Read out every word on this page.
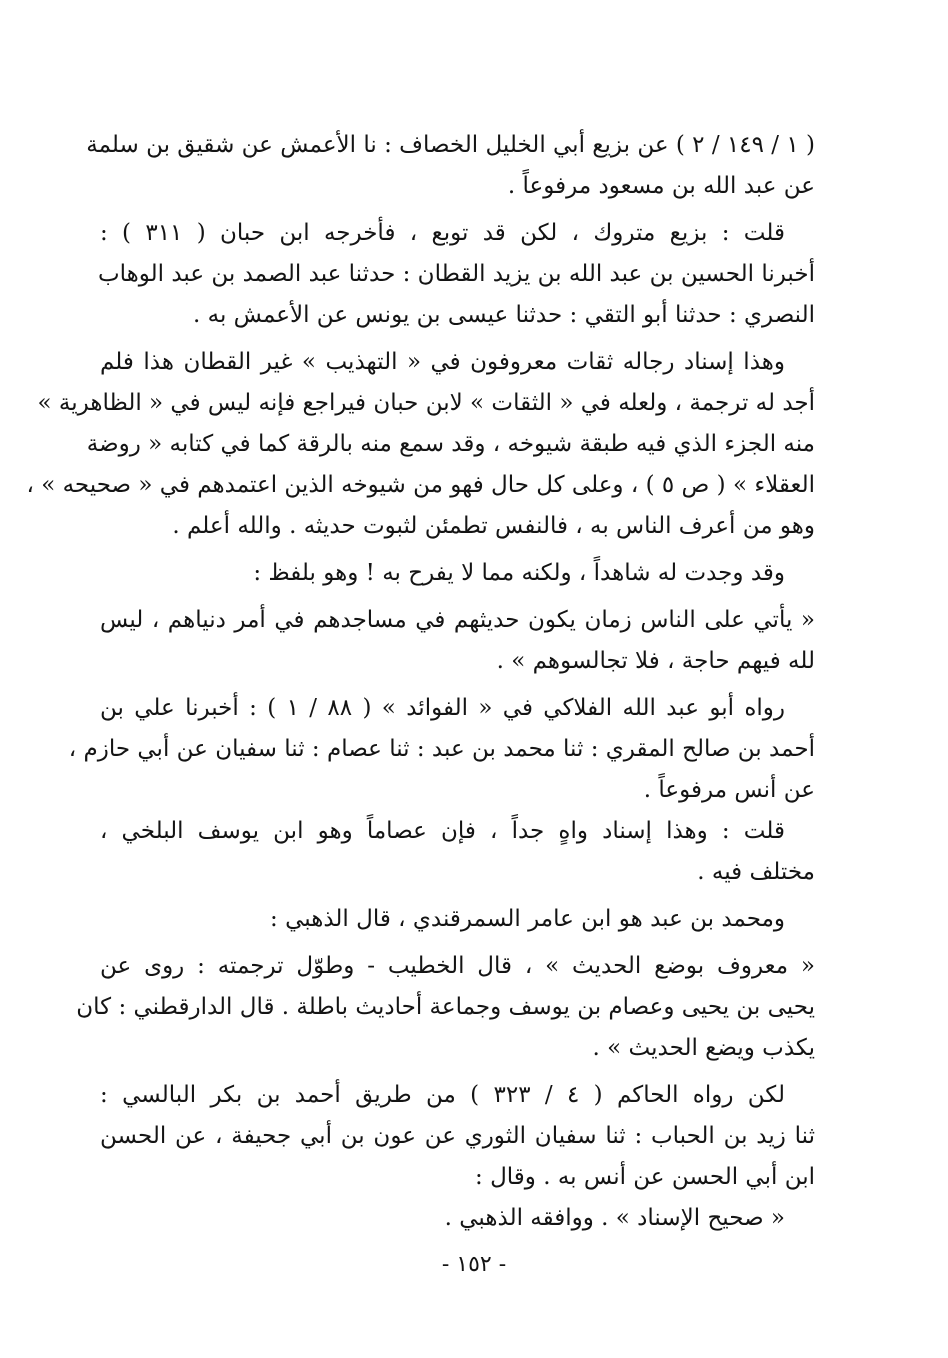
( ١ / ١٤٩ / ٢ ) عن بزيع أبي الخليل الخصاف : نا الأعمش عن شقيق بن سلمة
عن عبد الله بن مسعود مرفوعاً .
قلت : بزيع متروك ، لكن قد توبع ، فأخرجه ابن حبان ( ٣١١ ) :
أخبرنا الحسين بن عبد الله بن يزيد القطان : حدثنا عبد الصمد بن عبد الوهاب
النصري : حدثنا أبو التقي : حدثنا عيسى بن يونس عن الأعمش به .
وهذا إسناد رجاله ثقات معروفون في « التهذيب » غير القطان هذا فلم
أجد له ترجمة ، ولعله في « الثقات » لابن حبان فيراجع فإنه ليس في « الظاهرية »
منه الجزء الذي فيه طبقة شيوخه ، وقد سمع منه بالرقة كما في كتابه « روضة
العقلاء » ( ص ٥ ) ، وعلى كل حال فهو من شيوخه الذين اعتمدهم في « صحيحه » ،
وهو من أعرف الناس به ، فالنفس تطمئن لثبوت حديثه . والله أعلم .
وقد وجدت له شاهداً ، ولكنه مما لا يفرح به ! وهو بلفظ :
« يأتي على الناس زمان يكون حديثهم في مساجدهم في أمر دنياهم ، ليس
لله فيهم حاجة ، فلا تجالسوهم » .
رواه أبو عبد الله الفلاكي في « الفوائد » ( ٨٨ / ١ ) : أخبرنا علي بن
أحمد بن صالح المقري : ثنا محمد بن عبد : ثنا عصام : ثنا سفيان عن أبي حازم ،
عن أنس مرفوعاً .
قلت : وهذا إسناد واهٍ جداً ، فإن عصاماً وهو ابن يوسف البلخي ،
مختلف فيه .
ومحمد بن عبد هو ابن عامر السمرقندي ، قال الذهبي :
« معروف بوضع الحديث » ، قال الخطيب - وطوّل ترجمته : روى عن
يحيى بن يحيى وعصام بن يوسف وجماعة أحاديث باطلة . قال الدارقطني : كان
يكذب ويضع الحديث » .
لكن رواه الحاكم ( ٤ / ٣٢٣ ) من طريق أحمد بن بكر البالسي :
ثنا زيد بن الحباب : ثنا سفيان الثوري عن عون بن أبي جحيفة ، عن الحسن
ابن أبي الحسن عن أنس به . وقال :
« صحيح الإسناد » . ووافقه الذهبي .
- ١٥٢ -
